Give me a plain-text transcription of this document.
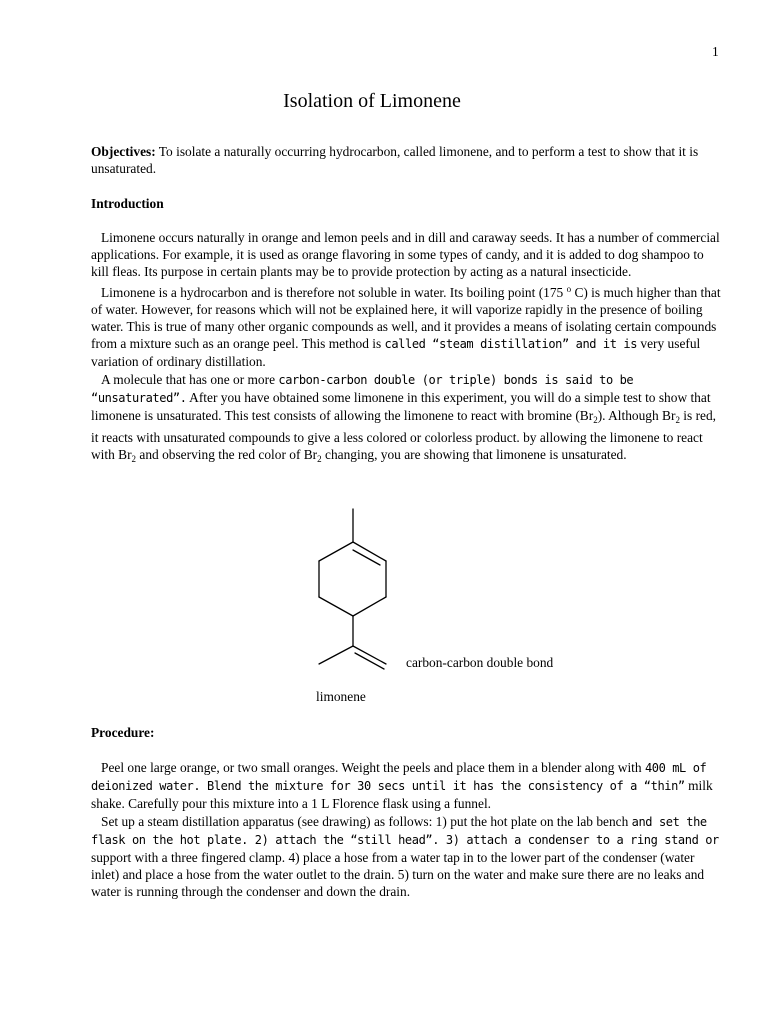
1
Isolation of Limonene

Objectives: To isolate a naturally occurring hydrocarbon, called limonene, and to perform a test to show that it is unsaturated.

Introduction

Limonene occurs naturally in orange and lemon peels and in dill and caraway seeds. It has a number of commercial applications. For example, it is used as orange flavoring in some types of candy, and it is added to dog shampoo to kill fleas. Its purpose in certain plants may be to provide protection by acting as a natural insecticide.

Limonene is a hydrocarbon and is therefore not soluble in water. Its boiling point (175 $^o$ C) is much higher than that of water. However, for reasons which will not be explained here, it will vaporize rapidly in the presence of boiling water. This is true of many other organic compounds as well, and it provides a means of isolating certain compounds from a mixture such as an orange peel. This method is called “steam distillation” and it is very useful variation of ordinary distillation.

A molecule that has one or more carbon-carbon double (or triple) bonds is said to be “unsaturated”. After you have obtained some limonene in this experiment, you will do a simple test to show that limonene is unsaturated. This test consists of allowing the limonene to react with bromine $(Br_2)$. Although $Br_2$ is red, it reacts with unsaturated compounds to give a less colored or colorless product. by allowing the limonene to react with $Br_2$ and observing the red color of $Br_2$ changing, you are showing that limonene is unsaturated.

carbon-carbon double bond
limonene
Procedure:

Peel one large orange, or two small oranges. Weight the peels and place them in a blender along with 400 mL of deionized water. Blend the mixture for 30 secs until it has the consistency of a “thin” milk shake. Carefully pour this mixture into a 1 L Florence flask using a funnel.

Set up a steam distillation apparatus (see drawing) as follows: 1) put the hot plate on the lab bench and set the flask on the hot plate. 2) attach the “still head”. 3) attach a condenser to a ring stand or support with a three fingered clamp. 4) place a hose from a water tap in to the lower part of the condenser (water inlet) and place a hose from the water outlet to the drain. 5) turn on the water and make sure there are no leaks and water is running through the condenser and down the drain.
